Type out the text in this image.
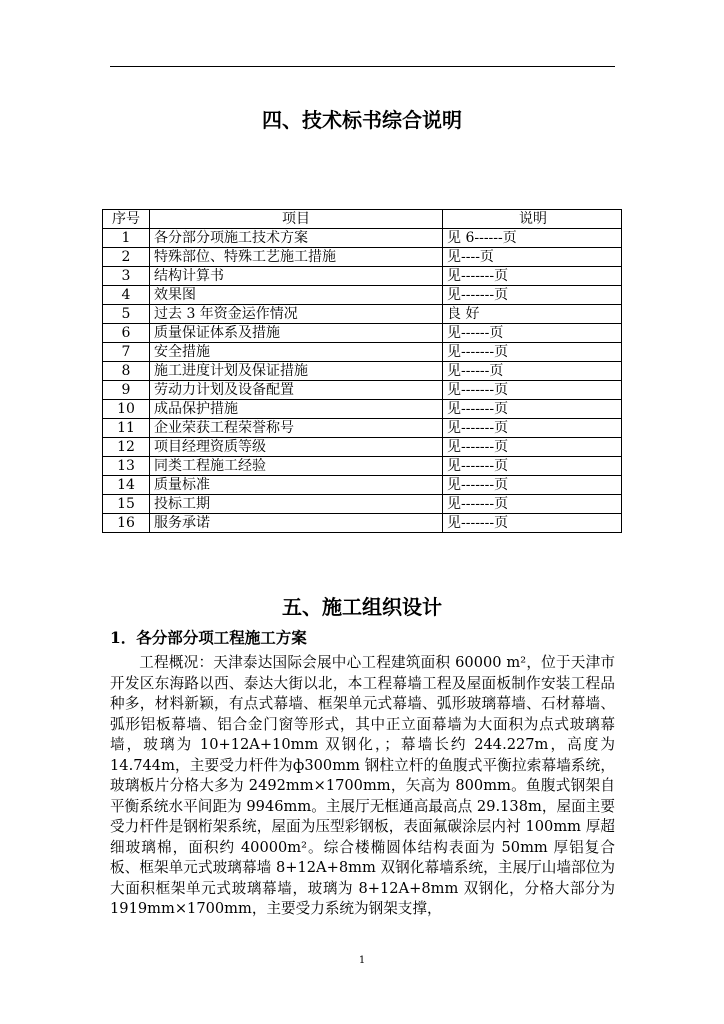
四、技术标书综合说明
序号	项目	说明
1	各分部分项施工技术方案	见 6------页
2	特殊部位、特殊工艺施工措施	见----页
3	结构计算书	见-------页
4	效果图	见-------页
5	过去 3 年资金运作情况	良 好
6	质量保证体系及措施	见------页
7	安全措施	见-------页
8	施工进度计划及保证措施	见------页
9	劳动力计划及设备配置	见-------页
10	成品保护措施	见-------页
11	企业荣获工程荣誉称号	见-------页
12	项目经理资质等级	见-------页
13	同类工程施工经验	见-------页
14	质量标准	见-------页
15	投标工期	见-------页
16	服务承诺	见-------页
五、施工组织设计
1．各分部分项工程施工方案
工程概况：天津泰达国际会展中心工程建筑面积 60000 m²，位于天津市开发区东海路以西、泰达大街以北，本工程幕墙工程及屋面板制作安装工程品种多，材料新颖，有点式幕墙、框架单元式幕墙、弧形玻璃幕墙、石材幕墙、弧形铝板幕墙、铝合金门窗等形式，其中正立面幕墙为大面积为点式玻璃幕墙，玻璃为 10+12A+10mm 双钢化，；幕墙长约 244.227m，高度为 14.744m，主要受力杆件为ф300mm 钢柱立杆的鱼腹式平衡拉索幕墙系统，玻璃板片分格大多为 2492mm×1700mm，矢高为 800mm。鱼腹式钢架自平衡系统水平间距为 9946mm。主展厅无框通高最高点 29.138m，屋面主要受力杆件是钢桁架系统，屋面为压型彩钢板，表面氟碳涂层内衬 100mm 厚超细玻璃棉，面积约 40000m²。综合楼椭圆体结构表面为 50mm 厚铝复合板、框架单元式玻璃幕墙 8+12A+8mm 双钢化幕墙系统，主展厅山墙部位为大面积框架单元式玻璃幕墙，玻璃为 8+12A+8mm 双钢化，分格大部分为 1919mm×1700mm，主要受力系统为钢架支撑，
1
